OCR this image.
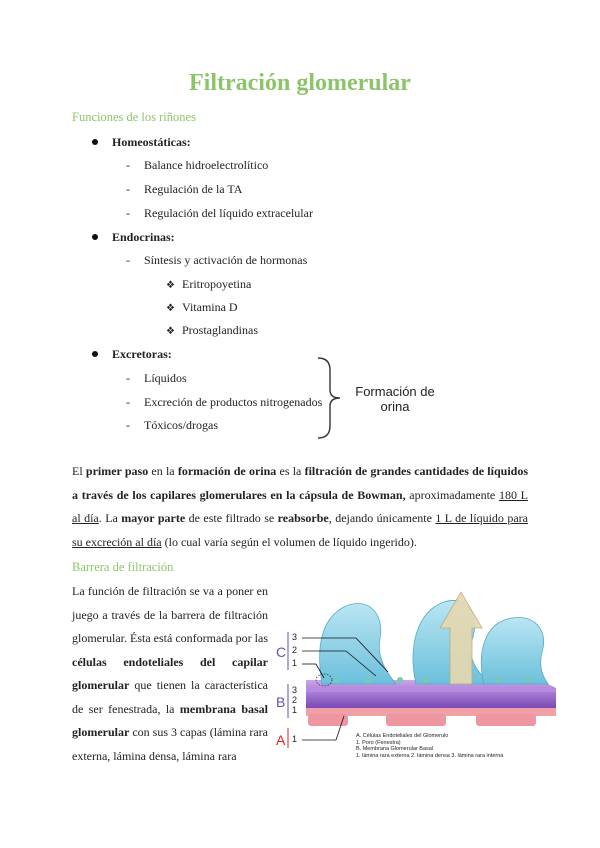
Filtración glomerular

Funciones de los riñones

Homeostáticas:
- Balance hidroelectrolítico
- Regulación de la TA
- Regulación del líquido extracelular
Endocrinas:
- Síntesis y activación de hormonas
❖ Eritropoyetina
❖ Vitamina D
❖ Prostaglandinas
Excretoras:
- Líquidos
- Excreción de productos nitrogenados
- Tóxicos/drogas
Formación de orina
El primer paso en la formación de orina es la filtración de grandes cantidades de líquidos a través de los capilares glomerulares en la cápsula de Bowman, aproximadamente 180 L al día. La mayor parte de este filtrado se reabsorbe, dejando únicamente 1 L de líquido para su excreción al día (lo cual varía según el volumen de líquido ingerido).

Barrera de filtración

La función de filtración se va a poner en juego a través de la barrera de filtración glomerular. Ésta está conformada por las células endoteliales del capilar glomerular que tienen la característica de ser fenestrada, la membrana basal glomerular con sus 3 capas (lámina rara externa, lámina densa, lámina rara
C
B
A
3
2
1
3
2
1
1	A. Células Endoteliales del Glomerulo
1. Poro (Fenestra)
B. Membrana Glomerular Basal
1. lámina rara externa 2. lámina densa 3. lámina rara interna
